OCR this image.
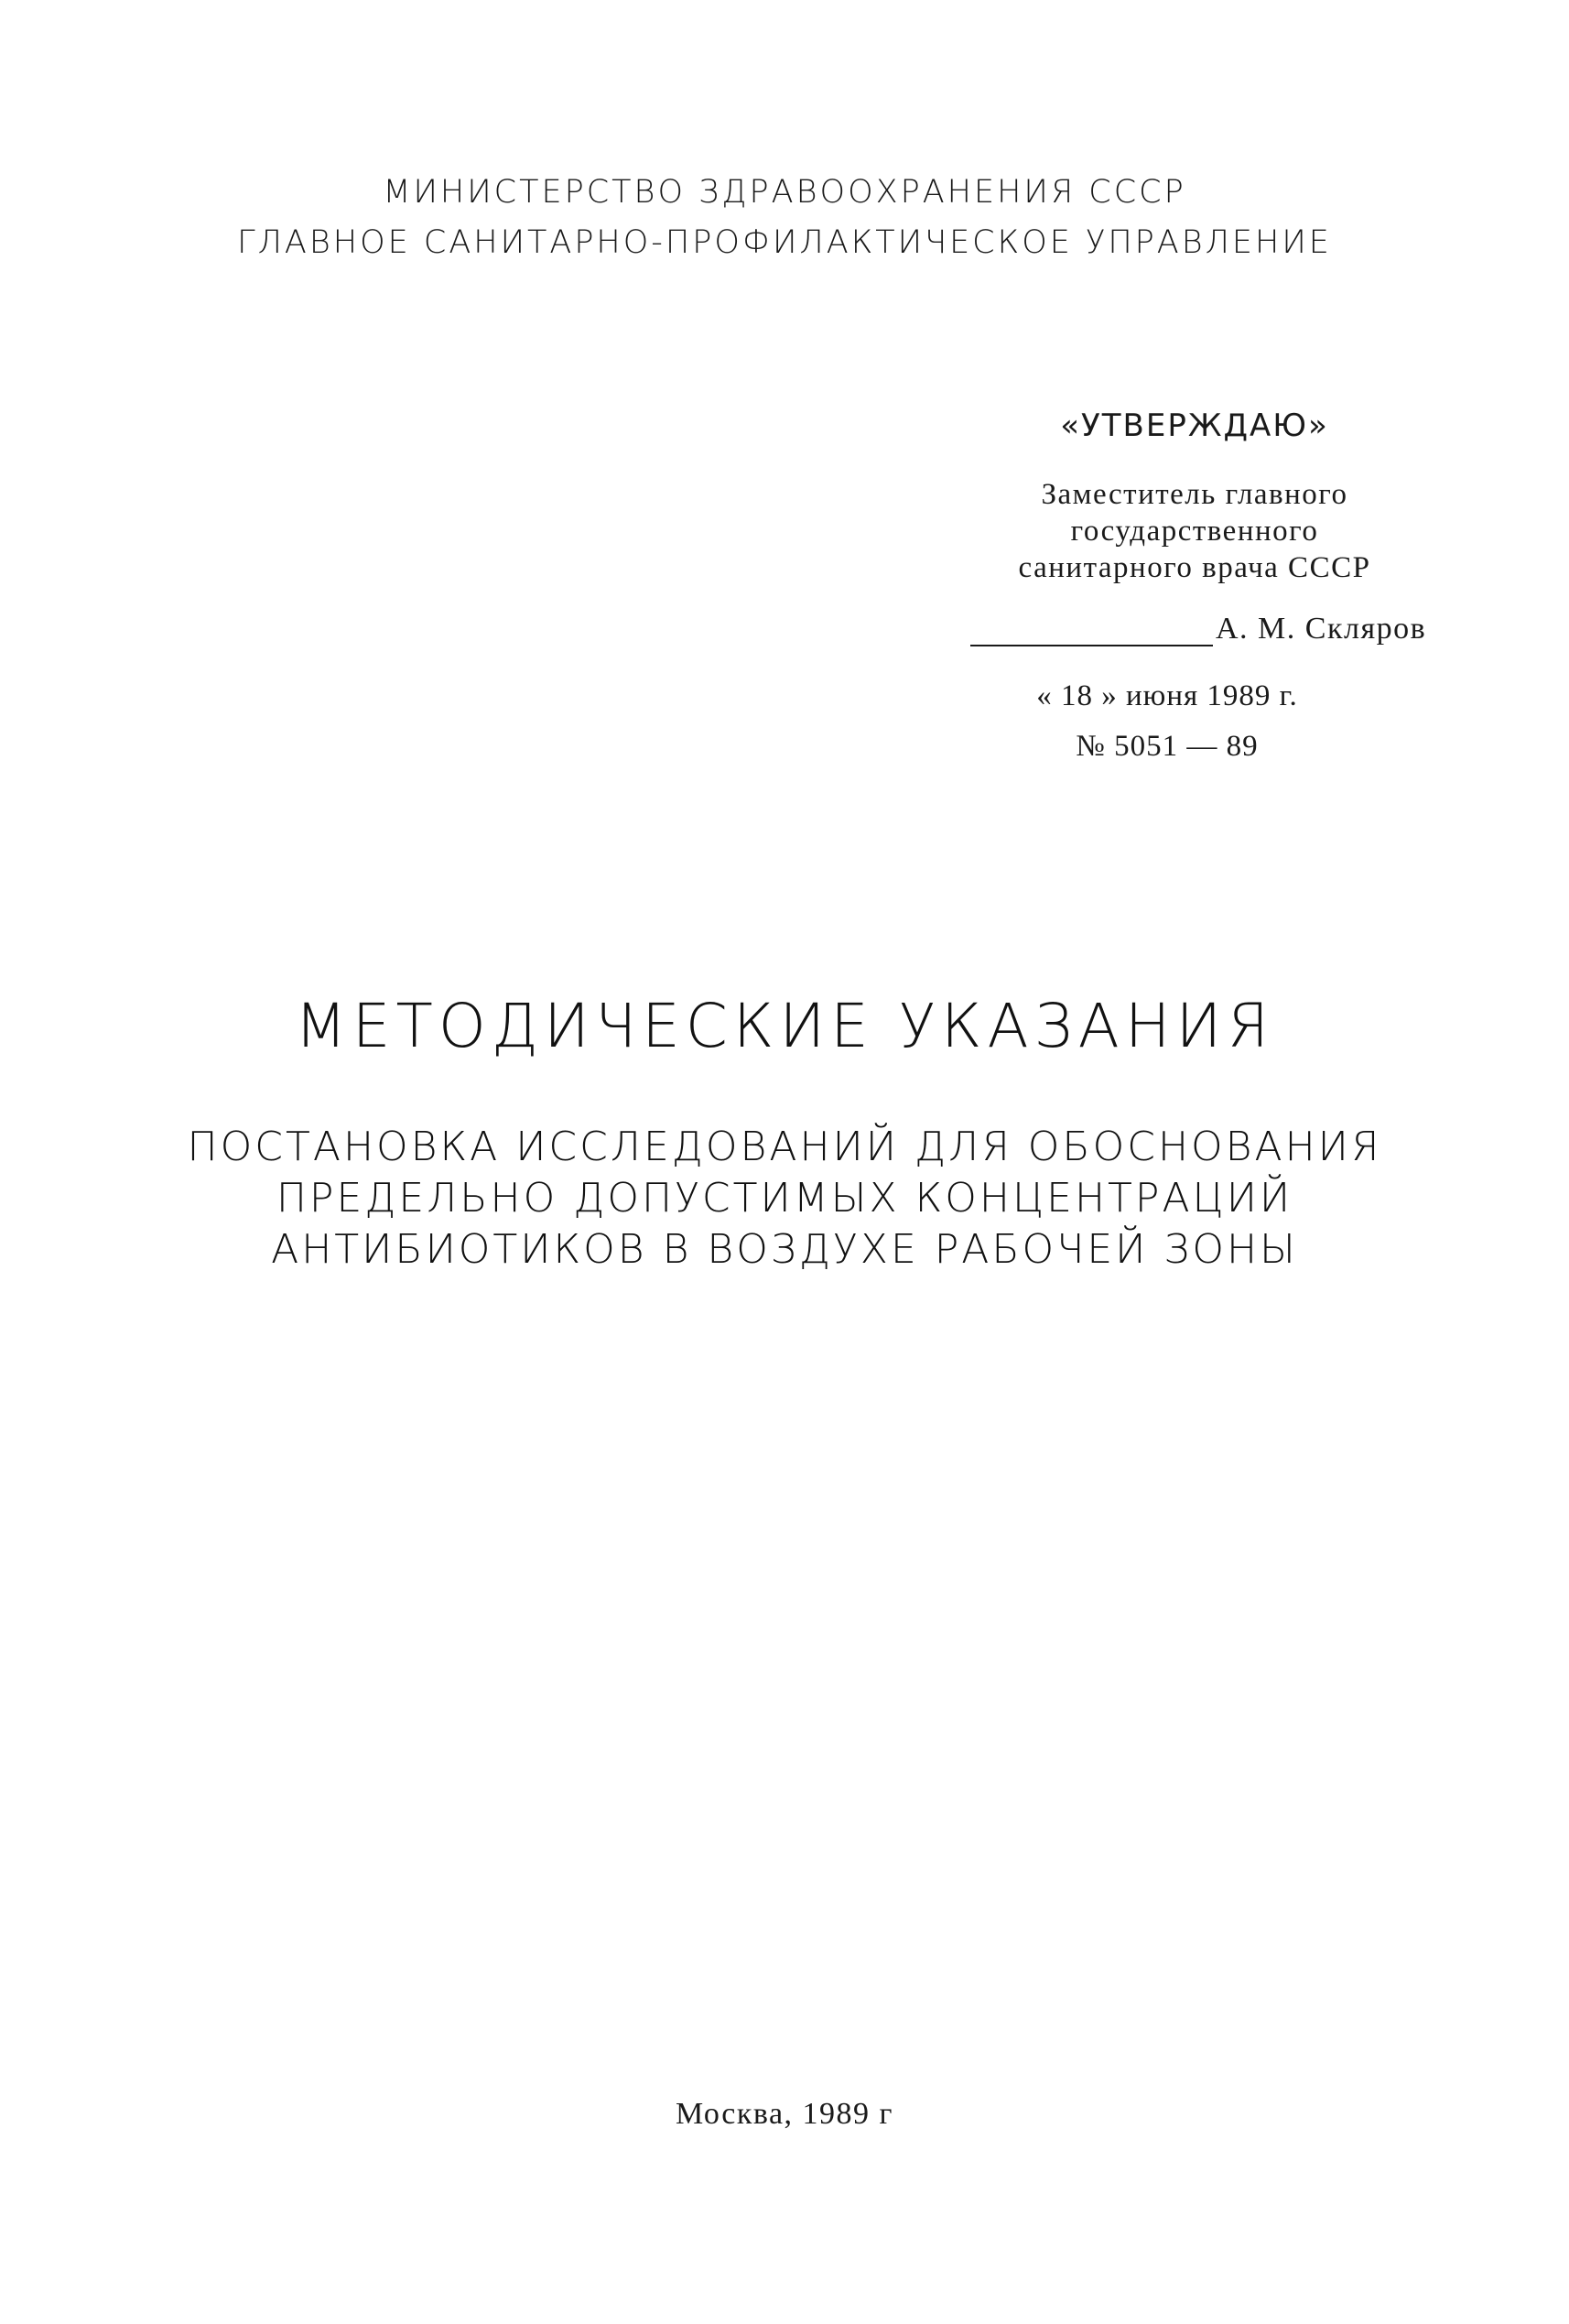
МИНИСТЕРСТВО ЗДРАВООХРАНЕНИЯ СССР
ГЛАВНОЕ САНИТАРНО-ПРОФИЛАКТИЧЕСКОЕ УПРАВЛЕНИЕ
«УТВЕРЖДАЮ»
Заместитель главного
государственного
санитарного врача СССР
А. М. Скляров
« 18 » июня 1989 г.
№ 5051 — 89
МЕТОДИЧЕСКИЕ УКАЗАНИЯ
ПОСТАНОВКА ИССЛЕДОВАНИЙ ДЛЯ ОБОСНОВАНИЯ
ПРЕДЕЛЬНО ДОПУСТИМЫХ КОНЦЕНТРАЦИЙ
АНТИБИОТИКОВ В ВОЗДУХЕ РАБОЧЕЙ ЗОНЫ
Москва, 1989 г
